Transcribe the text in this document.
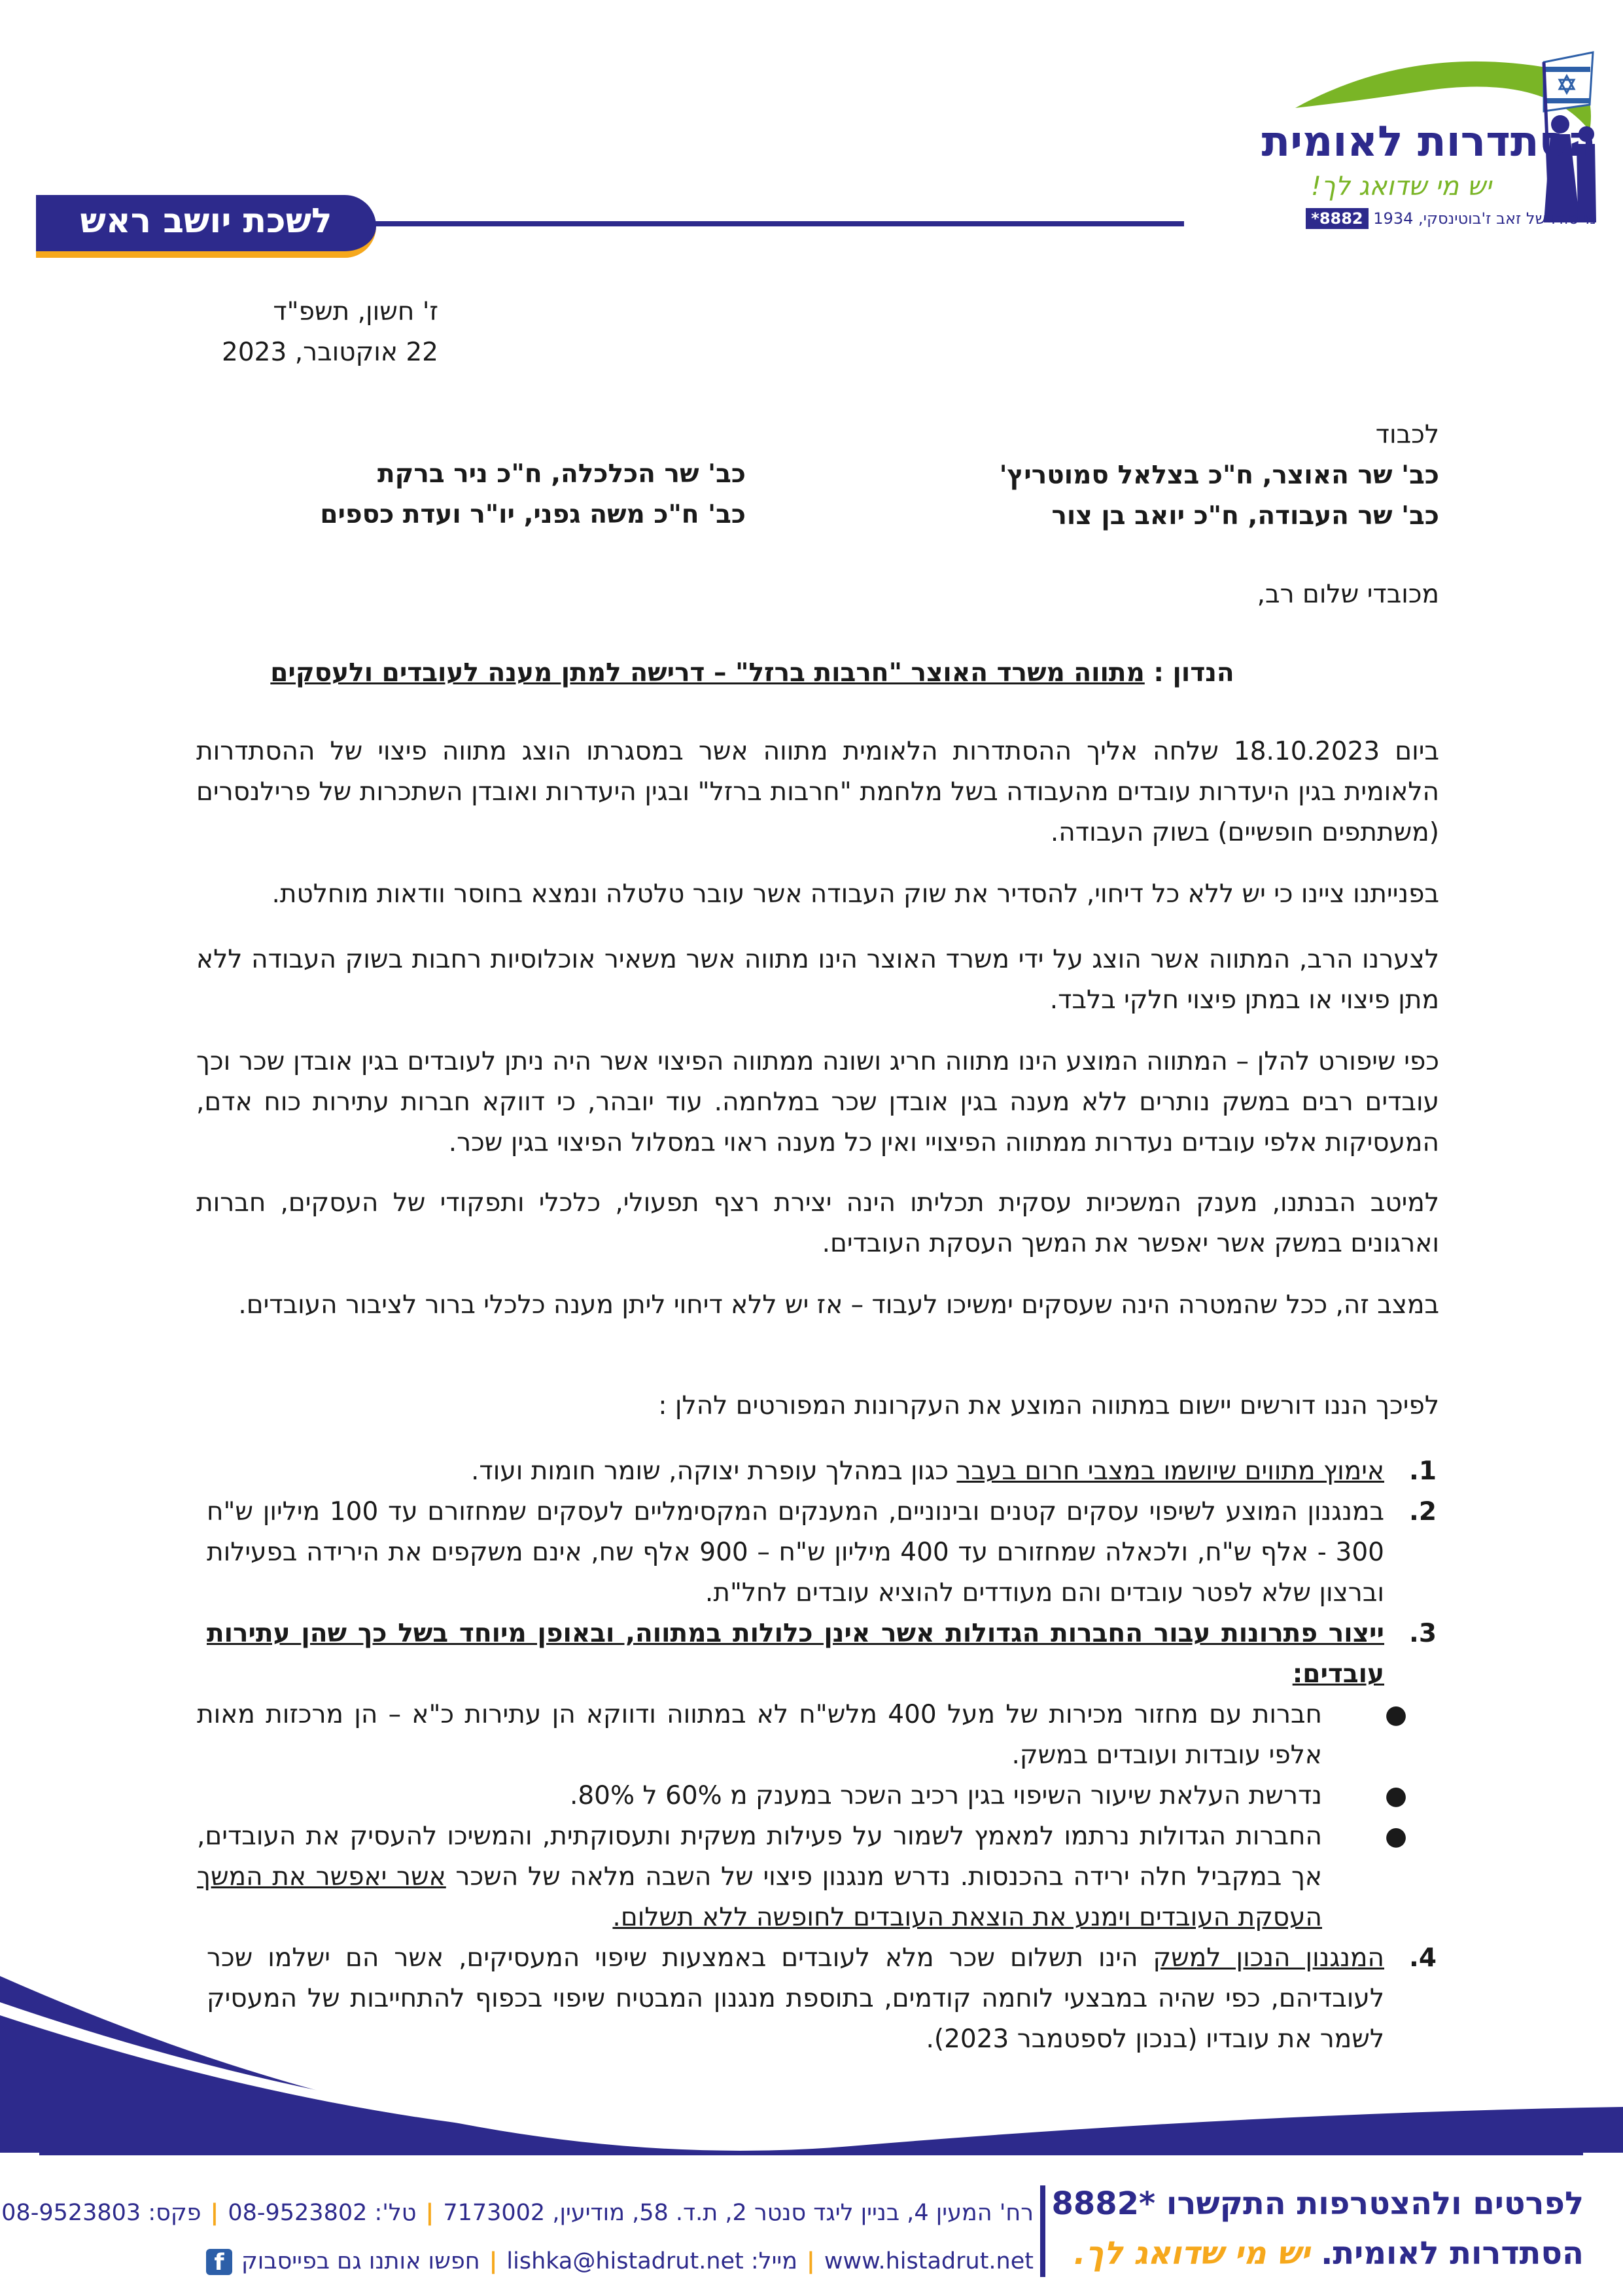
הסתדרות לאומית
יש מי שדואג לך!
מייסודו של זאב ז'בוטינסקי, 1934 *8882
לשכת יושב ראש
ז' חשון, תשפ"ד
22 אוקטובר, 2023
לכבוד
כב' שר האוצר, ח"כ בצלאל סמוטריץ'
כב' שר העבודה, ח"כ יואב בן צור
כב' שר הכלכלה, ח"כ ניר ברקת
כב' ח"כ משה גפני, יו"ר ועדת כספים
מכובדי שלום רב,
הנדון : מתווה משרד האוצר "חרבות ברזל" – דרישה למתן מענה לעובדים ולעסקים
ביום 18.10.2023 שלחה אליך ההסתדרות הלאומית מתווה אשר במסגרתו הוצג מתווה פיצוי של ההסתדרות הלאומית בגין היעדרות עובדים מהעבודה בשל מלחמת "חרבות ברזל" ובגין היעדרות ואובדן השתכרות של פרילנסרים (משתתפים חופשיים) בשוק העבודה.
בפנייתנו ציינו כי יש ללא כל דיחוי, להסדיר את שוק העבודה אשר עובר טלטלה ונמצא בחוסר וודאות מוחלטת.
לצערנו הרב, המתווה אשר הוצג על ידי משרד האוצר הינו מתווה אשר משאיר אוכלוסיות רחבות בשוק העבודה ללא מתן פיצוי או במתן פיצוי חלקי בלבד.
כפי שיפורט להלן – המתווה המוצע הינו מתווה חריג ושונה ממתווה הפיצוי אשר היה ניתן לעובדים בגין אובדן שכר וכך עובדים רבים במשק נותרים ללא מענה בגין אובדן שכר במלחמה. עוד יובהר, כי דווקא חברות עתירות כוח אדם, המעסיקות אלפי עובדים נעדרות ממתווה הפיצויי ואין כל מענה ראוי במסלול הפיצוי בגין שכר.
למיטב הבנתנו, מענק המשכיות עסקית תכליתו הינה יצירת רצף תפעולי, כלכלי ותפקודי של העסקים, חברות וארגונים במשק אשר יאפשר את המשך העסקת העובדים.
במצב זה, ככל שהמטרה הינה שעסקים ימשיכו לעבוד – אז יש ללא דיחוי ליתן מענה כלכלי ברור לציבור העובדים.
לפיכך הננו דורשים יישום במתווה המוצע את העקרונות המפורטים להלן :
1.
אימוץ מתווים שיושמו במצבי חרום בעבר כגון במהלך עופרת יצוקה, שומר חומות ועוד.
2.
במנגנון המוצע לשיפוי עסקים קטנים ובינוניים, המענקים המקסימליים לעסקים שמחזורם עד 100 מיליון ש"ח 300 - אלף ש"ח, ולכאלה שמחזורם עד 400 מיליון ש"ח – 900 אלף שח, אינם משקפים את הירידה בפעילות וברצון שלא לפטר עובדים והם מעודדים להוציא עובדים לחל"ת.
3.
ייצור פתרונות עבור החברות הגדולות אשר אינן כלולות במתווה, ובאופן מיוחד בשל כך שהן עתירות עובדים:
●
חברות עם מחזור מכירות של מעל 400 מלש"ח לא במתווה ודווקא הן עתירות כ"א – הן מרכזות מאות אלפי עובדות ועובדים במשק.
●
נדרשת העלאת שיעור השיפוי בגין רכיב השכר במענק מ 60% ל 80%.
●
החברות הגדולות נרתמו למאמץ לשמור על פעילות משקית ותעסוקתית, והמשיכו להעסיק את העובדים, אך במקביל חלה ירידה בהכנסות. נדרש מנגנון פיצוי של השבה מלאה של השכר אשר יאפשר את המשך העסקת העובדים וימנע את הוצאת העובדים לחופשה ללא תשלום.
4.
המנגנון הנכון למשק הינו תשלום שכר מלא לעובדים באמצעות שיפוי המעסיקים, אשר הם ישלמו שכר לעובדיהם, כפי שהיה במבצעי לוחמה קודמים, בתוספת מנגנון המבטיח שיפוי בכפוף להתחייבות של המעסיק לשמר את עובדיו (בנכון לספטמבר 2023).
לפרטים ולהצטרפות התקשרו *8882
הסתדרות לאומית. יש מי שדואג לך.
רח' המעין 4, בניין ליגד סנטר 2, ת.ד. 58, מודיעין, 7173002|טל': 08-9523802|פקס: 08-9523803
www.histadrut.net|מייל: lishka@histadrut.net|חפשו אותנו גם בפייסבוקf
